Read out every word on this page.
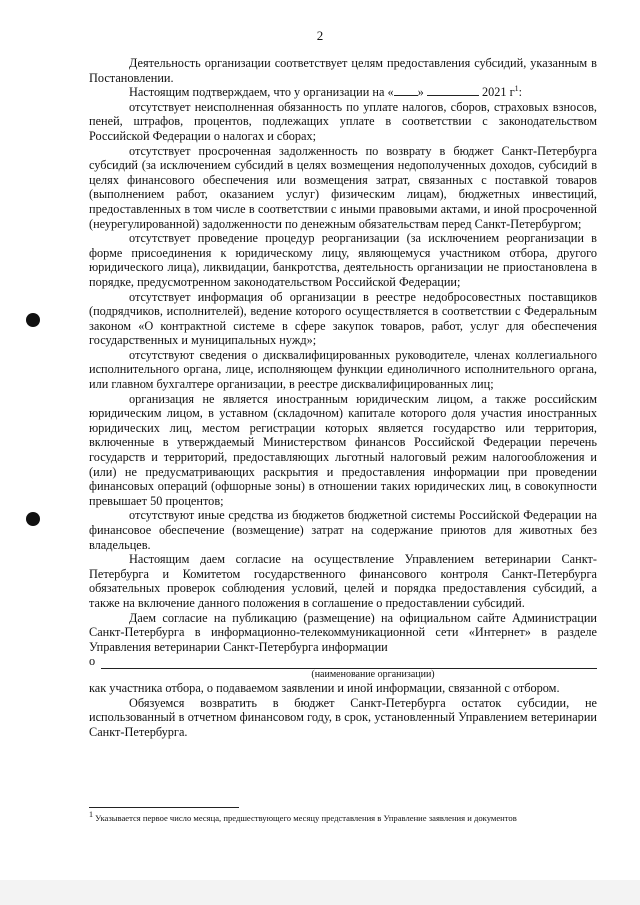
2

Деятельность организации соответствует целям предоставления субсидий, указанным в Постановлении.

Настоящим подтверждаем, что у организации на « »	2021 $г^1$:

отсутствует неисполненная обязанность по уплате налогов, сборов, страховых взносов, пеней, штрафов, процентов, подлежащих уплате в соответствии с законодательством Российской Федерации о налогах и сборах;

отсутствует просроченная задолженность по возврату в бюджет Санкт-Петербурга субсидий (за исключением субсидий в целях возмещения недополученных доходов, субсидий в целях финансового обеспечения или возмещения затрат, связанных с поставкой товаров (выполнением работ, оказанием услуг) физическим лицам), бюджетных инвестиций, предоставленных в том числе в соответствии с иными правовыми актами, и иной просроченной (неурегулированной) задолженности по денежным обязательствам перед Санкт-Петербургом;

отсутствует проведение процедур реорганизации (за исключением реорганизации в форме присоединения к юридическому лицу, являющемуся участником отбора, другого юридического лица), ликвидации, банкротства, деятельность организации не приостановлена в порядке, предусмотренном законодательством Российской Федерации;

отсутствует информация об организации в реестре недобросовестных поставщиков (подрядчиков, исполнителей), ведение которого осуществляется в соответствии с Федеральным законом «О контрактной системе в сфере закупок товаров, работ, услуг для обеспечения государственных и муниципальных нужд»;

отсутствуют сведения о дисквалифицированных руководителе, членах коллегиального исполнительного органа, лице, исполняющем функции единоличного исполнительного органа, или главном бухгалтере организации, в реестре дисквалифицированных лиц;

организация не является иностранным юридическим лицом, а также российским юридическим лицом, в уставном (складочном) капитале которого доля участия иностранных юридических лиц, местом регистрации которых является государство или территория, включенные в утверждаемый Министерством финансов Российской Федерации перечень государств и территорий, предоставляющих льготный налоговый режим налогообложения и (или) не предусматривающих раскрытия и предоставления информации при проведении финансовых операций (офшорные зоны) в отношении таких юридических лиц, в совокупности превышает 50 процентов;

отсутствуют иные средства из бюджетов бюджетной системы Российской Федерации на финансовое обеспечение (возмещение) затрат на содержание приютов для животных без владельцев.

Настоящим даем согласие на осуществление Управлением ветеринарии Санкт-Петербурга и Комитетом государственного финансового контроля Санкт-Петербурга обязательных проверок соблюдения условий, целей и порядка предоставления субсидий, а также на включение данного положения в соглашение о предоставлении субсидий.

Даем согласие на публикацию (размещение) на официальном сайте Администрации Санкт-Петербурга в информационно-телекоммуникационной сети «Интернет» в разделе Управления ветеринарии Санкт-Петербурга информации

о
(наименование организации)

как участника отбора, о подаваемом заявлении и иной информации, связанной с отбором.

Обязуемся возвратить в бюджет Санкт-Петербурга остаток субсидии, не использованный в отчетном финансовом году, в срок, установленный Управлением ветеринарии Санкт-Петербурга.

$^1$ Указывается первое число месяца, предшествующего месяцу представления в Управление заявления и документов
